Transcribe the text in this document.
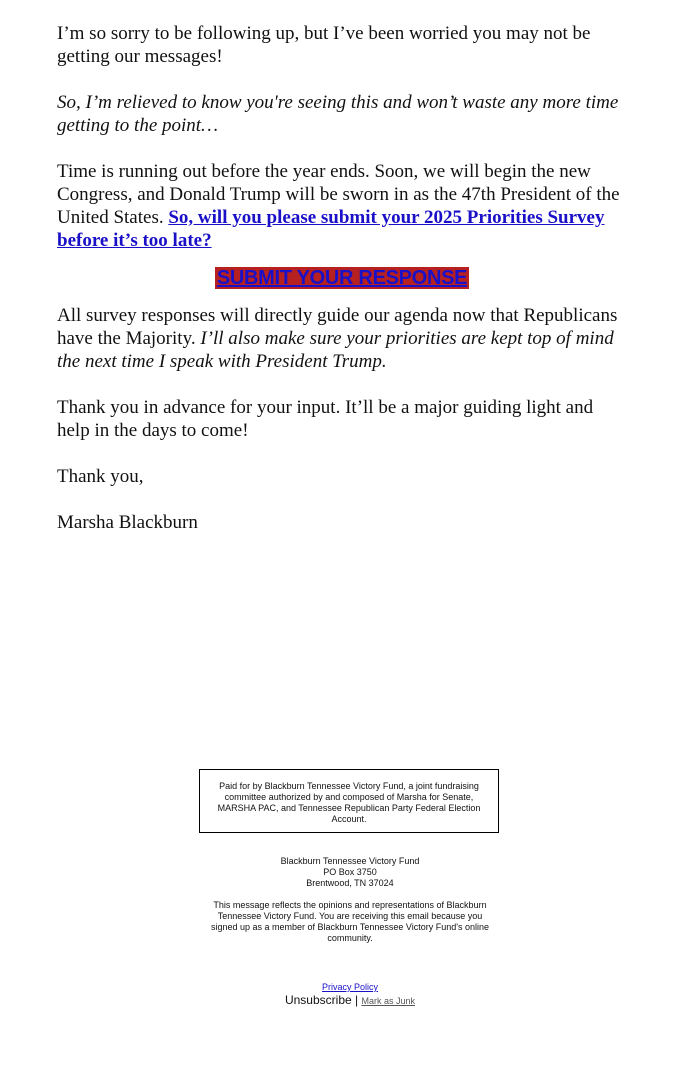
I’m so sorry to be following up, but I’ve been worried you may not be getting our messages!

So, I’m relieved to know you're seeing this and won’t waste any more time getting to the point…

Time is running out before the year ends. Soon, we will begin the new Congress, and Donald Trump will be sworn in as the 47th President of the United States. So, will you please submit your 2025 Priorities Survey before it’s too late?

SUBMIT YOUR RESPONSE

All survey responses will directly guide our agenda now that Republicans have the Majority. I’ll also make sure your priorities are kept top of mind the next time I speak with President Trump.

Thank you in advance for your input. It’ll be a major guiding light and help in the days to come!

Thank you,

Marsha Blackburn

Paid for by Blackburn Tennessee Victory Fund, a joint fundraising committee authorized by and composed of Marsha for Senate, MARSHA PAC, and Tennessee Republican Party Federal Election Account.
Blackburn Tennessee Victory Fund
PO Box 3750
Brentwood, TN 37024
This message reflects the opinions and representations of Blackburn Tennessee Victory Fund. You are receiving this email because you signed up as a member of Blackburn Tennessee Victory Fund's online community.
Privacy Policy
Unsubscribe | Mark as Junk
